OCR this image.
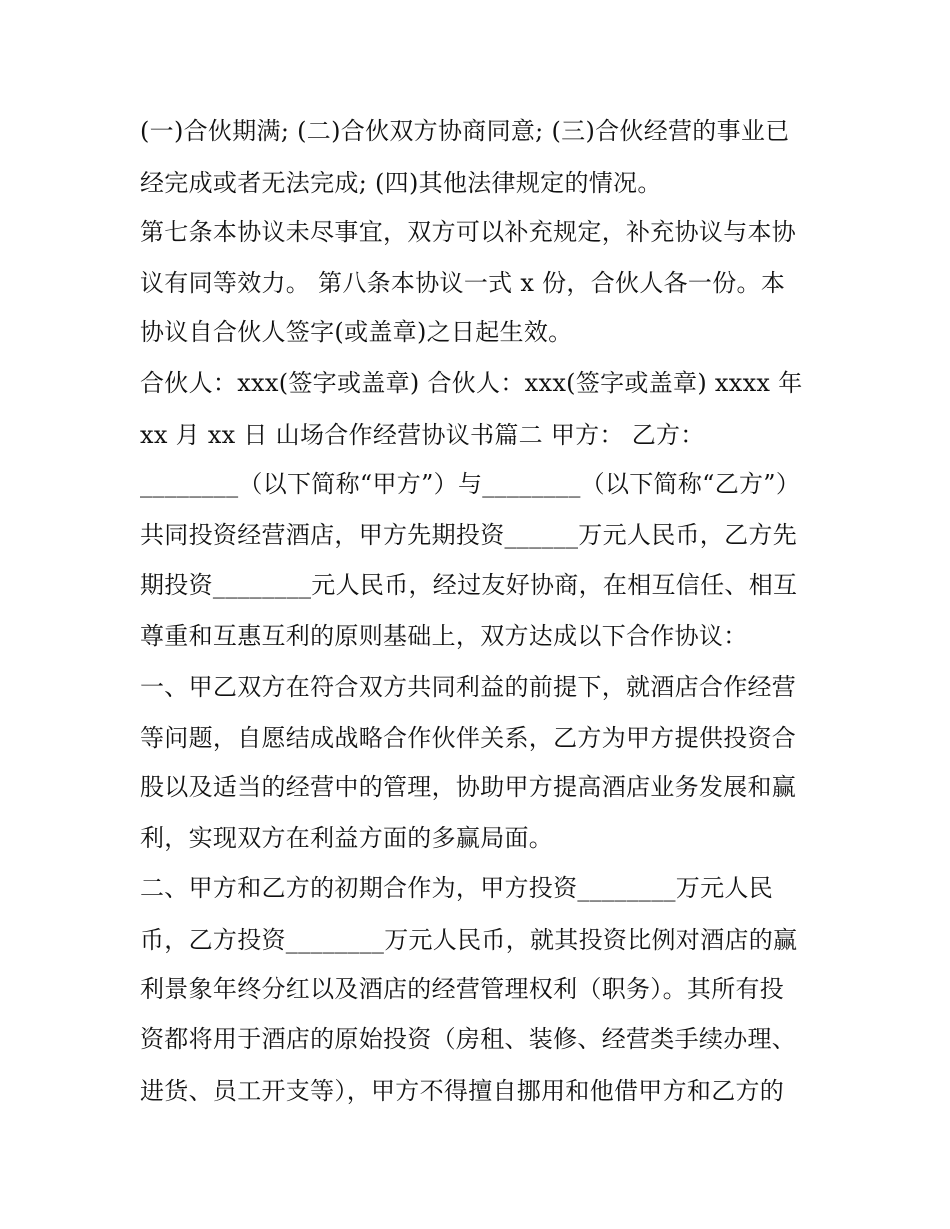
(一)合伙期满; (二)合伙双方协商同意; (三)合伙经营的事业已
经完成或者无法完成; (四)其他法律规定的情况。
第七条本协议未尽事宜，双方可以补充规定，补充协议与本协
议有同等效力。 第八条本协议一式 x 份，合伙人各一份。本
协议自合伙人签字(或盖章)之日起生效。
合伙人：xxx(签字或盖章) 合伙人：xxx(签字或盖章) xxxx 年
xx 月 xx 日 山场合作经营协议书篇二 甲方： 乙方：
________（以下简称“甲方”）与________（以下简称“乙方”）
共同投资经营酒店，甲方先期投资______万元人民币，乙方先
期投资________元人民币，经过友好协商，在相互信任、相互
尊重和互惠互利的原则基础上，双方达成以下合作协议：
一、甲乙双方在符合双方共同利益的前提下，就酒店合作经营
等问题，自愿结成战略合作伙伴关系，乙方为甲方提供投资合
股以及适当的经营中的管理，协助甲方提高酒店业务发展和赢
利，实现双方在利益方面的多赢局面。
二、甲方和乙方的初期合作为，甲方投资________万元人民
币，乙方投资________万元人民币，就其投资比例对酒店的赢
利景象年终分红以及酒店的经营管理权利（职务）。其所有投
资都将用于酒店的原始投资（房租、装修、经营类手续办理、
进货、员工开支等），甲方不得擅自挪用和他借甲方和乙方的
